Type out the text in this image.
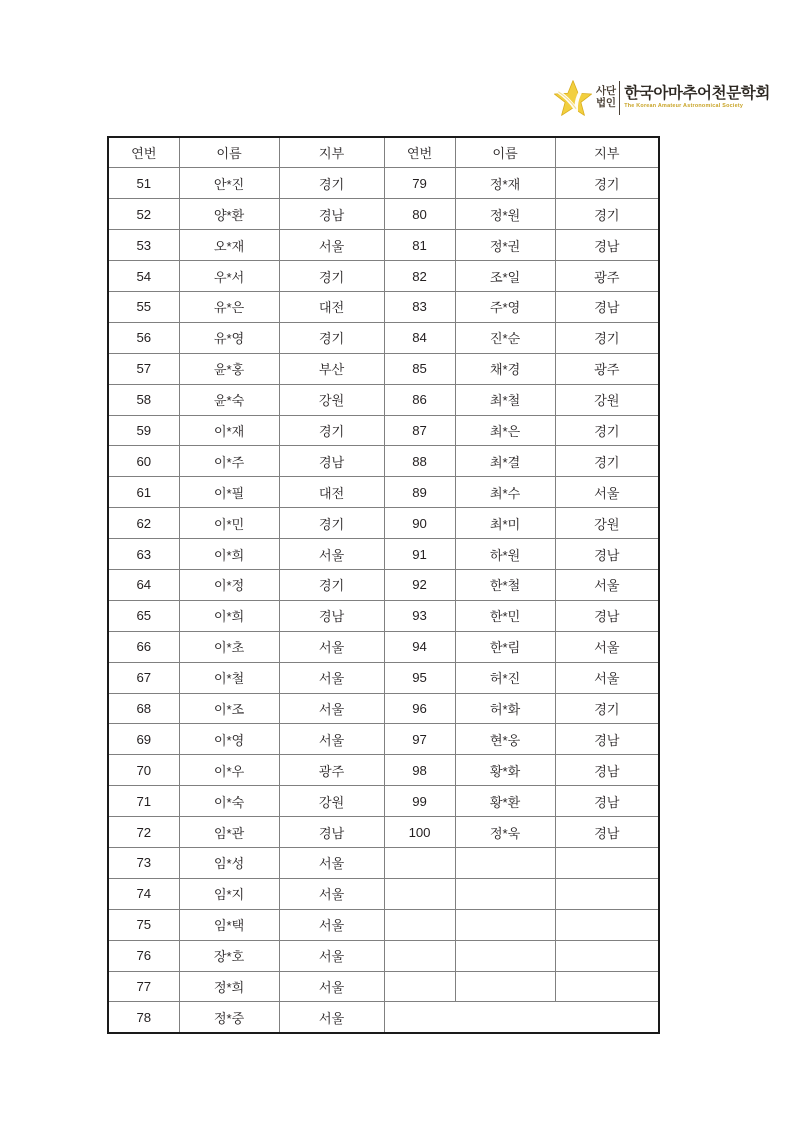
사단
법인
한국아마추어천문학회
The Korean Amateur Astronomical Society
연번	이름	지부	연번	이름	지부
51	안*진	경기	79	정*재	경기
52	양*환	경남	80	정*원	경기
53	오*재	서울	81	정*권	경남
54	우*서	경기	82	조*일	광주
55	유*은	대전	83	주*영	경남
56	유*영	경기	84	진*순	경기
57	윤*홍	부산	85	채*경	광주
58	윤*숙	강원	86	최*철	강원
59	이*재	경기	87	최*은	경기
60	이*주	경남	88	최*결	경기
61	이*필	대전	89	최*수	서울
62	이*민	경기	90	최*미	강원
63	이*희	서울	91	하*원	경남
64	이*정	경기	92	한*철	서울
65	이*희	경남	93	한*민	경남
66	이*초	서울	94	한*림	서울
67	이*철	서울	95	허*진	서울
68	이*조	서울	96	허*화	경기
69	이*영	서울	97	현*웅	경남
70	이*우	광주	98	황*화	경남
71	이*숙	강원	99	황*환	경남
72	임*관	경남	100	정*욱	경남
73	임*성	서울			
74	임*지	서울			
75	임*택	서울			
76	장*호	서울			
77	정*희	서울			
78	정*중	서울			
